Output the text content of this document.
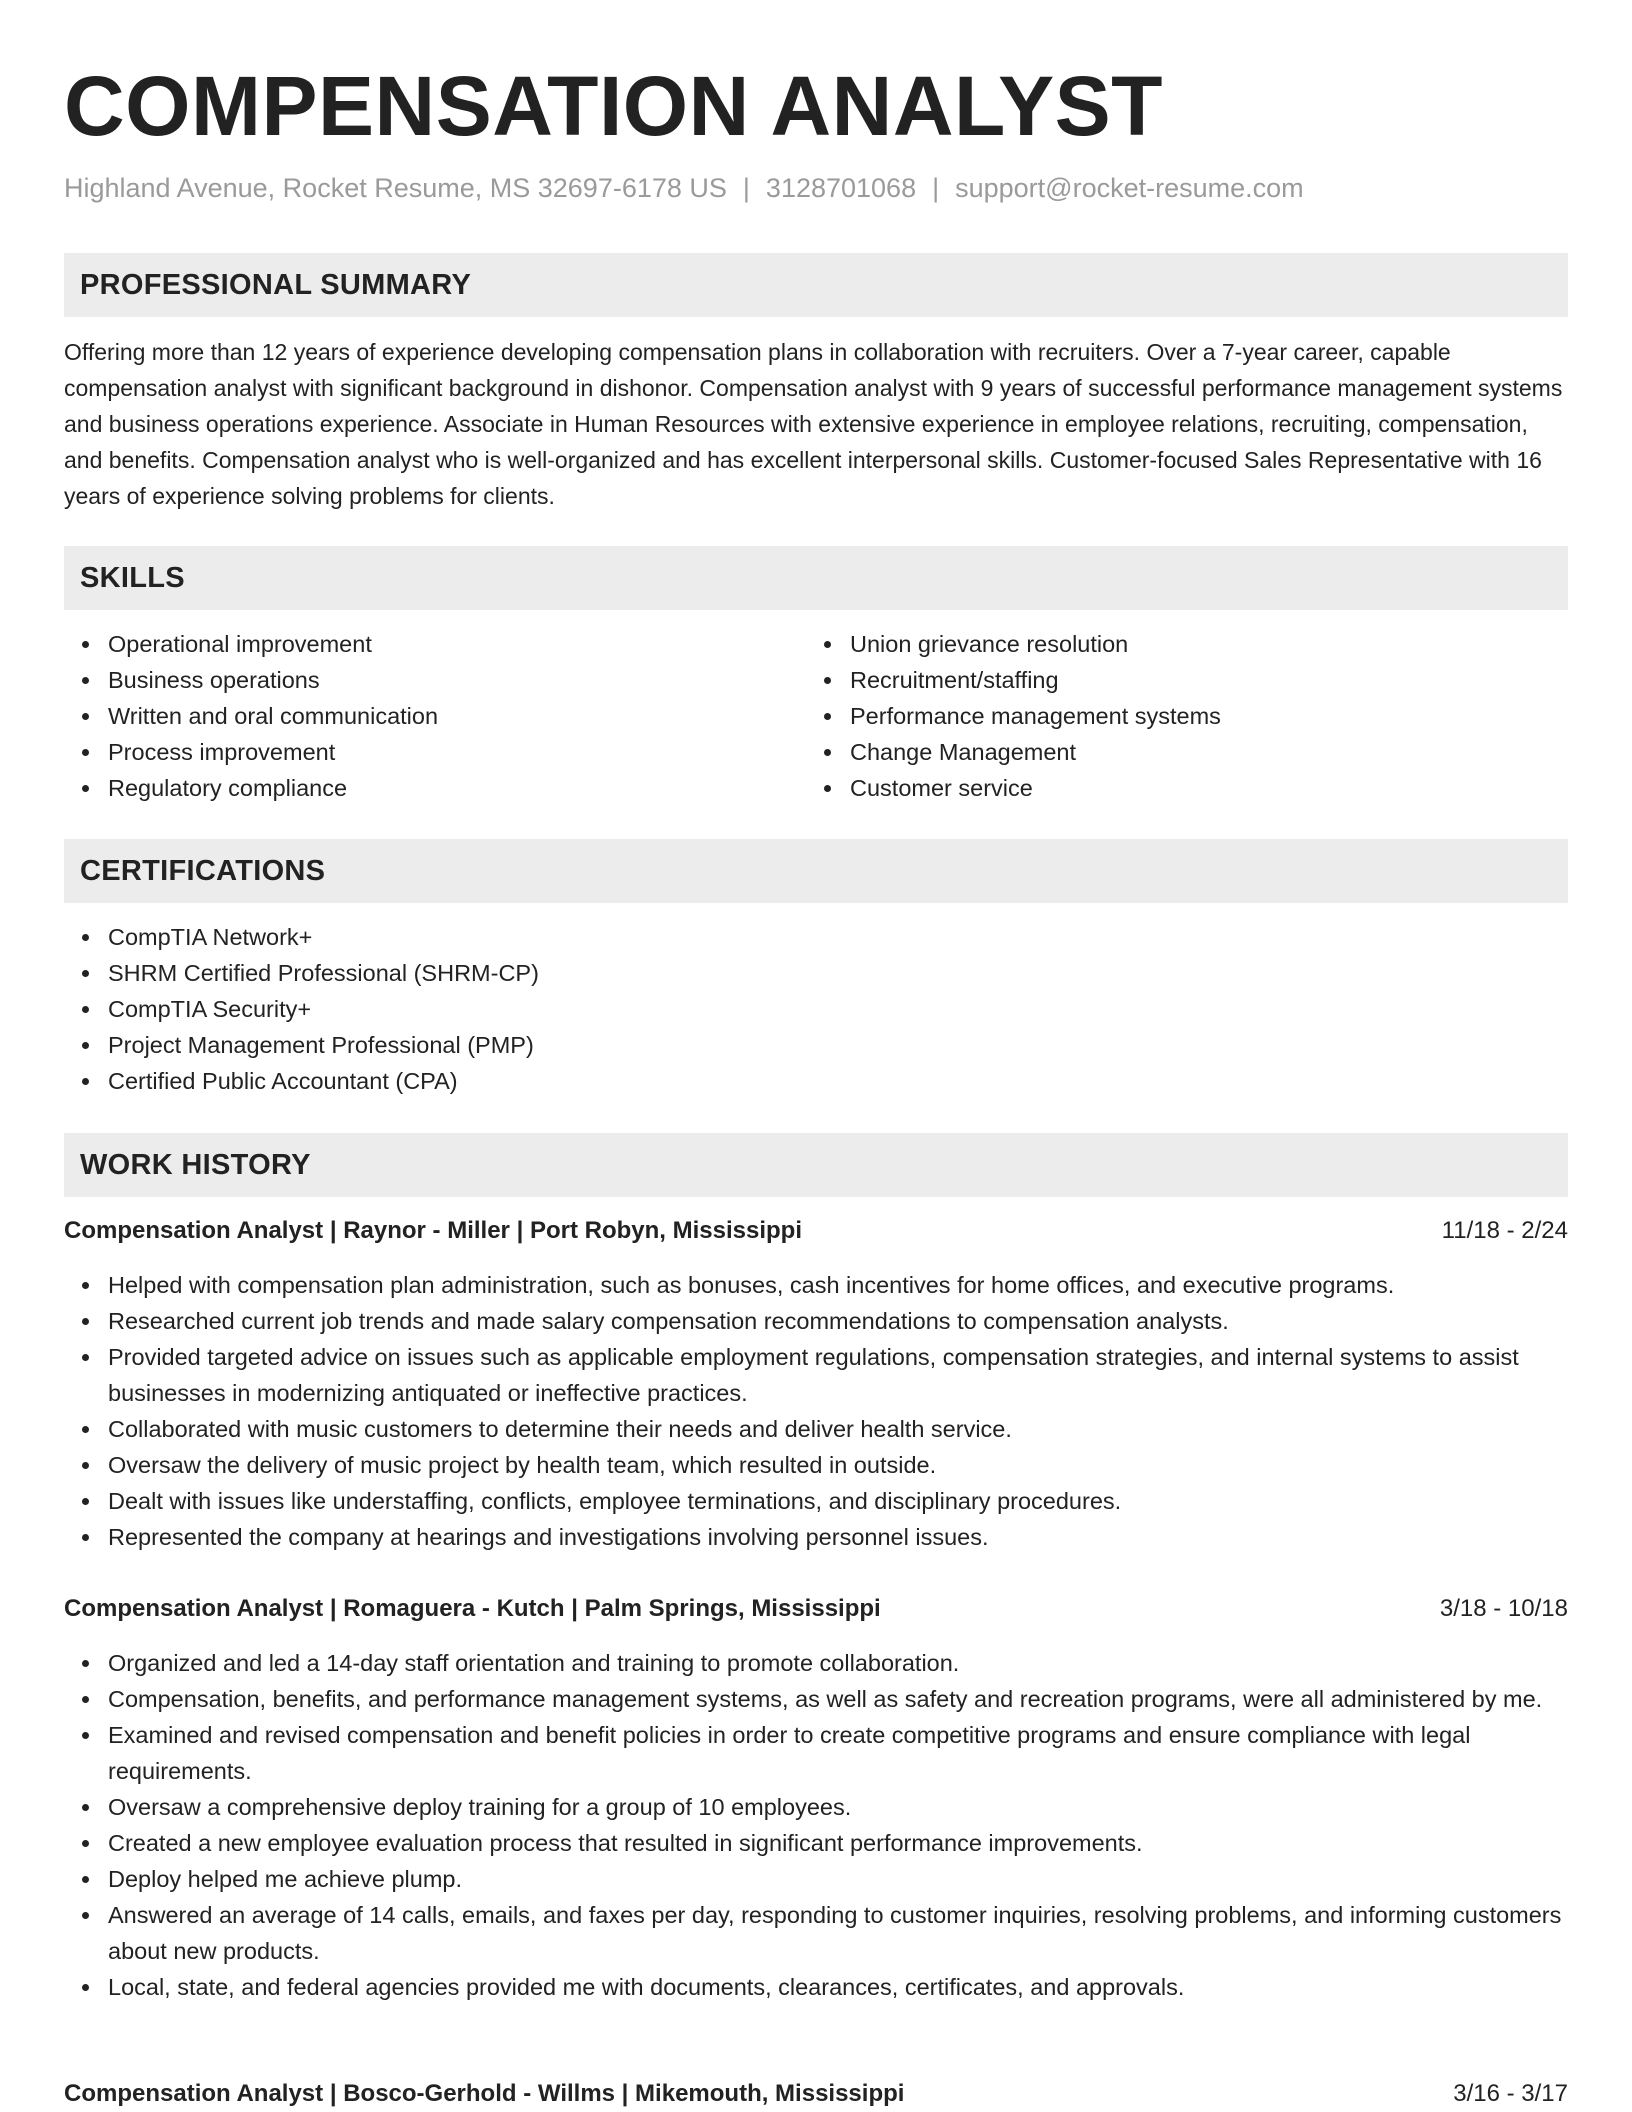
COMPENSATION ANALYST
Highland Avenue, Rocket Resume, MS 32697-6178 US | 3128701068 | support@rocket-resume.com
PROFESSIONAL SUMMARY

Offering more than 12 years of experience developing compensation plans in collaboration with recruiters. Over a 7-year career, capable compensation analyst with significant background in dishonor. Compensation analyst with 9 years of successful performance management systems and business operations experience. Associate in Human Resources with extensive experience in employee relations, recruiting, compensation, and benefits. Compensation analyst who is well-organized and has excellent interpersonal skills. Customer-focused Sales Representative with 16 years of experience solving problems for clients.

SKILLS
Operational improvement
Business operations
Written and oral communication
Process improvement
Regulatory compliance
Union grievance resolution
Recruitment/staffing
Performance management systems
Change Management
Customer service
CERTIFICATIONS
CompTIA Network+
SHRM Certified Professional (SHRM-CP)
CompTIA Security+
Project Management Professional (PMP)
Certified Public Accountant (CPA)
WORK HISTORY
Compensation Analyst | Raynor - Miller | Port Robyn, Mississippi	11/18 - 2/24
Helped with compensation plan administration, such as bonuses, cash incentives for home offices, and executive programs.
Researched current job trends and made salary compensation recommendations to compensation analysts.
Provided targeted advice on issues such as applicable employment regulations, compensation strategies, and internal systems to assist businesses in modernizing antiquated or ineffective practices.
Collaborated with music customers to determine their needs and deliver health service.
Oversaw the delivery of music project by health team, which resulted in outside.
Dealt with issues like understaffing, conflicts, employee terminations, and disciplinary procedures.
Represented the company at hearings and investigations involving personnel issues.
Compensation Analyst | Romaguera - Kutch | Palm Springs, Mississippi	3/18 - 10/18
Organized and led a 14-day staff orientation and training to promote collaboration.
Compensation, benefits, and performance management systems, as well as safety and recreation programs, were all administered by me.
Examined and revised compensation and benefit policies in order to create competitive programs and ensure compliance with legal requirements.
Oversaw a comprehensive deploy training for a group of 10 employees.
Created a new employee evaluation process that resulted in significant performance improvements.
Deploy helped me achieve plump.
Answered an average of 14 calls, emails, and faxes per day, responding to customer inquiries, resolving problems, and informing customers about new products.
Local, state, and federal agencies provided me with documents, clearances, certificates, and approvals.
Compensation Analyst | Bosco-Gerhold - Willms | Mikemouth, Mississippi	3/16 - 3/17
